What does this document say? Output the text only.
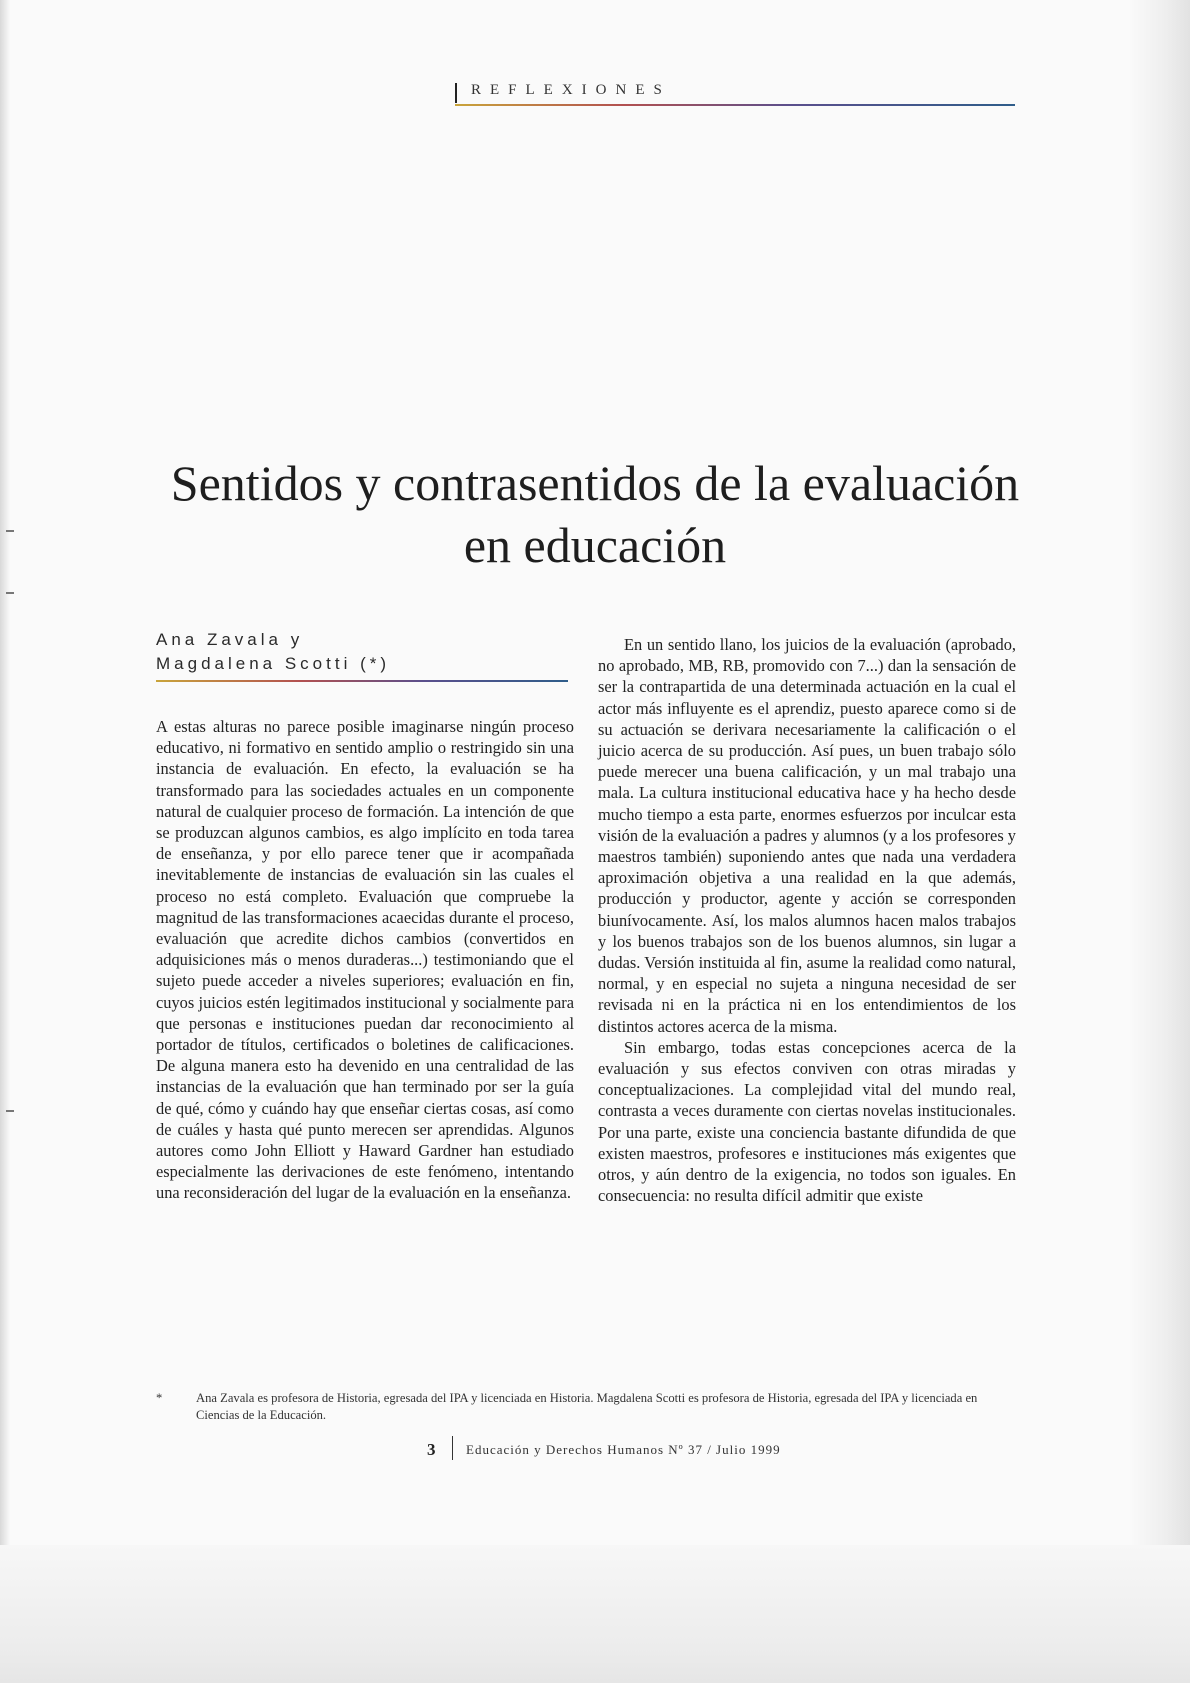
REFLEXIONES
Sentidos y contrasentidos de la evaluación en educación
Ana Zavala y
Magdalena Scotti (*)

A estas alturas no parece posible imaginarse ningún proceso educativo, ni formativo en sentido amplio o restringido sin una instancia de evaluación. En efecto, la evaluación se ha transformado para las sociedades actuales en un componente natural de cualquier proceso de formación. La intención de que se produzcan algunos cambios, es algo implícito en toda tarea de enseñanza, y por ello parece tener que ir acompañada inevitablemente de instancias de evaluación sin las cuales el proceso no está completo. Evaluación que compruebe la magnitud de las transformaciones acaecidas durante el proceso, evaluación que acredite dichos cambios (convertidos en adquisiciones más o menos duraderas...) testimoniando que el sujeto puede acceder a niveles superiores; evaluación en fin, cuyos juicios estén legitimados institucional y socialmente para que personas e instituciones puedan dar reconocimiento al portador de títulos, certificados o boletines de calificaciones. De alguna manera esto ha devenido en una centralidad de las instancias de la evaluación que han terminado por ser la guía de qué, cómo y cuándo hay que enseñar ciertas cosas, así como de cuáles y hasta qué punto merecen ser aprendidas. Algunos autores como John Elliott y Haward Gardner han estudiado especialmente las derivaciones de este fenómeno, intentando una reconsideración del lugar de la evaluación en la enseñanza.

En un sentido llano, los juicios de la evaluación (aprobado, no aprobado, MB, RB, promovido con 7...) dan la sensación de ser la contrapartida de una determinada actuación en la cual el actor más influyente es el aprendiz, puesto aparece como si de su actuación se derivara necesariamente la calificación o el juicio acerca de su producción. Así pues, un buen trabajo sólo puede merecer una buena calificación, y un mal trabajo una mala. La cultura institucional educativa hace y ha hecho desde mucho tiempo a esta parte, enormes esfuerzos por inculcar esta visión de la evaluación a padres y alumnos (y a los profesores y maestros también) suponiendo antes que nada una verdadera aproximación objetiva a una realidad en la que además, producción y productor, agente y acción se corresponden biunívocamente. Así, los malos alumnos hacen malos trabajos y los buenos trabajos son de los buenos alumnos, sin lugar a dudas. Versión instituida al fin, asume la realidad como natural, normal, y en especial no sujeta a ninguna necesidad de ser revisada ni en la práctica ni en los entendimientos de los distintos actores acerca de la misma.

Sin embargo, todas estas concepciones acerca de la evaluación y sus efectos conviven con otras miradas y conceptualizaciones. La complejidad vital del mundo real, contrasta a veces duramente con ciertas novelas institucionales. Por una parte, existe una conciencia bastante difundida de que existen maestros, profesores e instituciones más exigentes que otros, y aún dentro de la exigencia, no todos son iguales. En consecuencia: no resulta difícil admitir que existe

*	Ana Zavala es profesora de Historia, egresada del IPA y licenciada en Historia. Magdalena Scotti es profesora de Historia, egresada del IPA y licenciada en Ciencias de la Educación.
3 Educación y Derechos Humanos Nº 37 / Julio 1999
